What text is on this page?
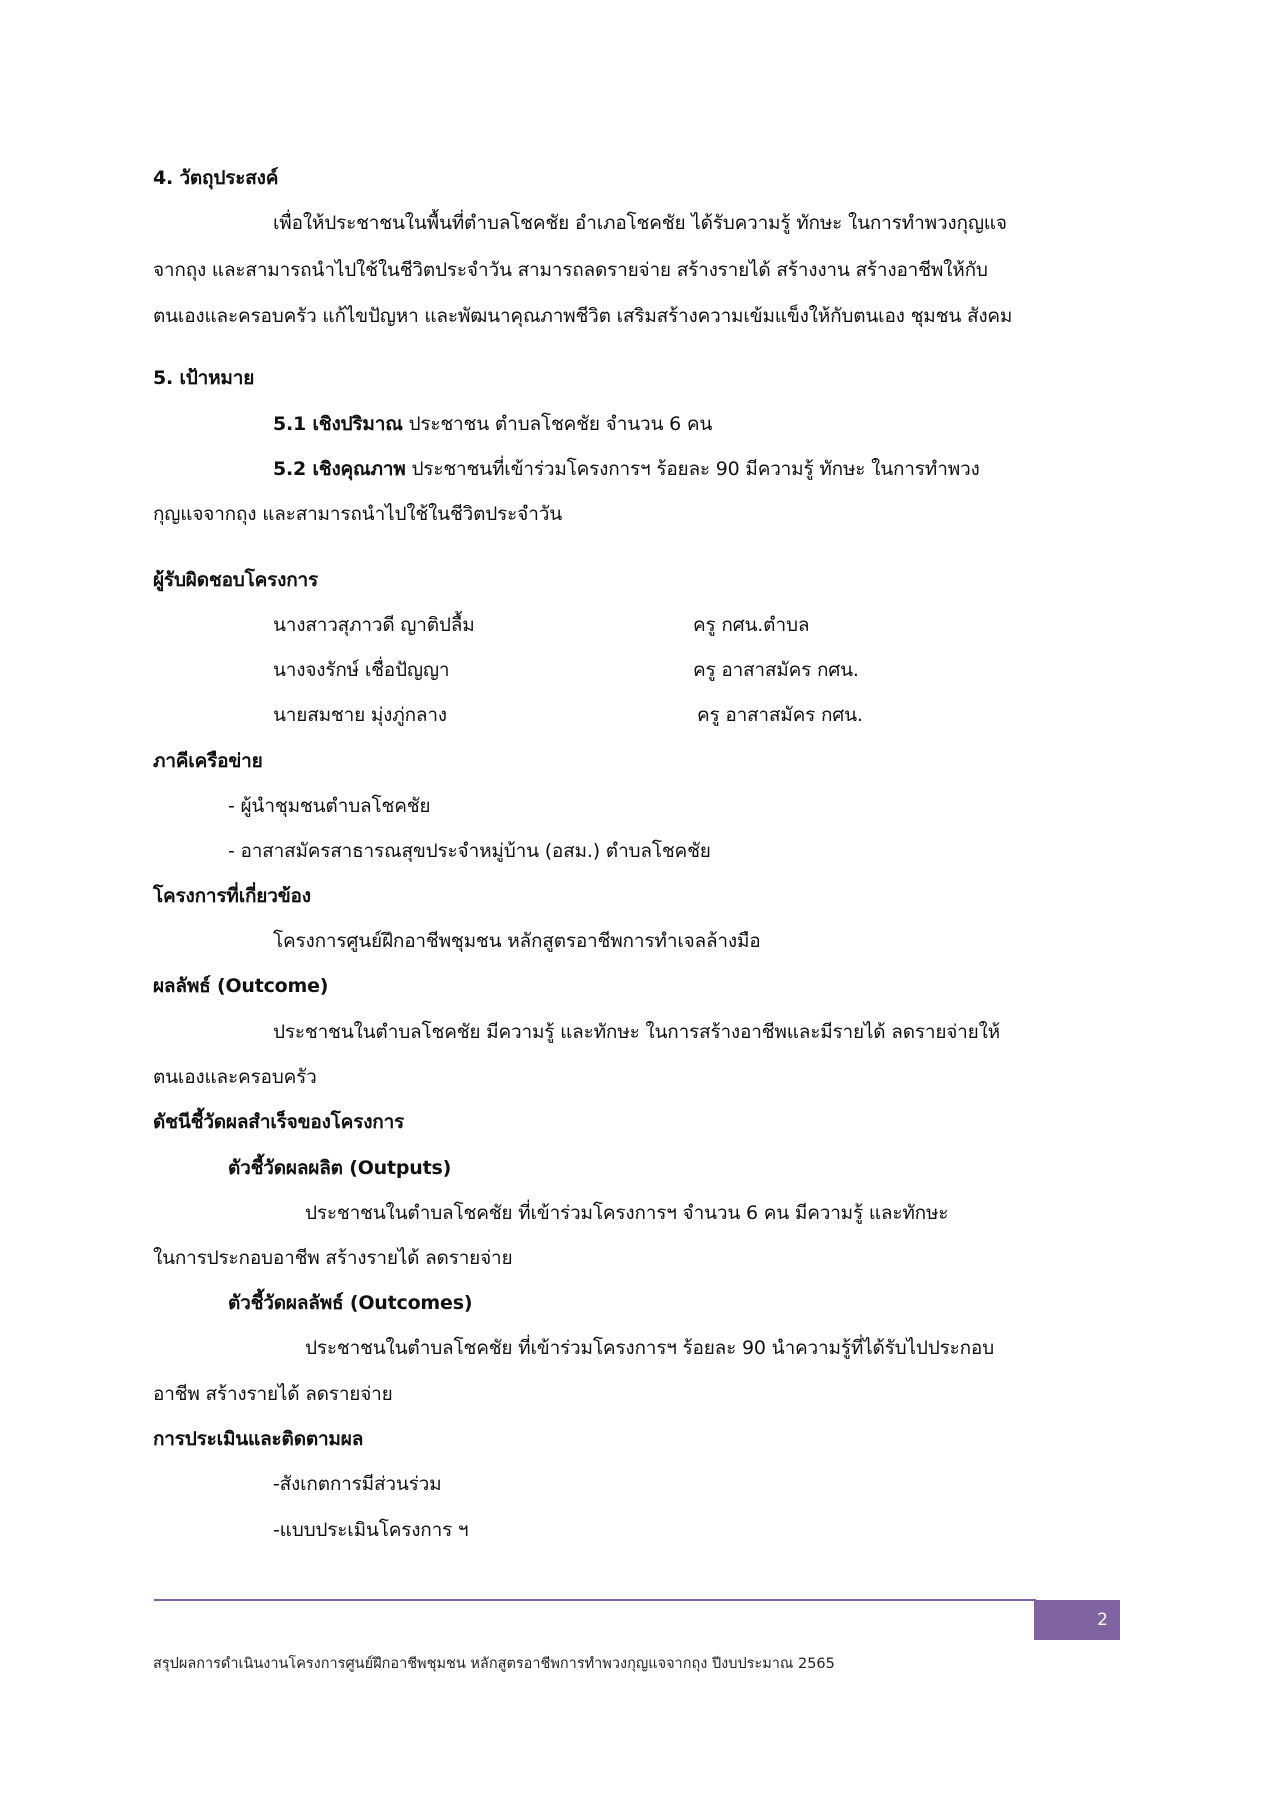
4. วัตถุประสงค์
เพื่อให้ประชาชนในพื้นที่ตำบลโชคชัย อำเภอโชคชัย ได้รับความรู้ ทักษะ ในการทำพวงกุญแจ
จากถุง และสามารถนำไปใช้ในชีวิตประจำวัน สามารถลดรายจ่าย สร้างรายได้ สร้างงาน สร้างอาชีพให้กับ
ตนเองและครอบครัว แก้ไขปัญหา และพัฒนาคุณภาพชีวิต เสริมสร้างความเข้มแข็งให้กับตนเอง ชุมชน สังคม
5. เป้าหมาย
5.1 เชิงปริมาณ ประชาชน ตำบลโชคชัย จำนวน 6 คน
5.2 เชิงคุณภาพ ประชาชนที่เข้าร่วมโครงการฯ ร้อยละ 90 มีความรู้ ทักษะ ในการทำพวง
กุญแจจากถุง และสามารถนำไปใช้ในชีวิตประจำวัน
ผู้รับผิดชอบโครงการ
นางสาวสุภาวดี ญาติปลื้ม	ครู กศน.ตำบล
นางจงรักษ์ เชื่อปัญญา	ครู อาสาสมัคร กศน.
นายสมชาย มุ่งภู่กลาง	ครู อาสาสมัคร กศน.
ภาคีเครือข่าย
- ผู้นำชุมชนตำบลโชคชัย
- อาสาสมัครสาธารณสุขประจำหมู่บ้าน (อสม.) ตำบลโชคชัย
โครงการที่เกี่ยวข้อง
โครงการศูนย์ฝึกอาชีพชุมชน หลักสูตรอาชีพการทำเจลล้างมือ
ผลลัพธ์ (Outcome)
ประชาชนในตำบลโชคชัย มีความรู้ และทักษะ ในการสร้างอาชีพและมีรายได้ ลดรายจ่ายให้
ตนเองและครอบครัว
ดัชนีชี้วัดผลสำเร็จของโครงการ
ตัวชี้วัดผลผลิต (Outputs)
ประชาชนในตำบลโชคชัย ที่เข้าร่วมโครงการฯ จำนวน 6 คน มีความรู้ และทักษะ
ในการประกอบอาชีพ สร้างรายได้ ลดรายจ่าย
ตัวชี้วัดผลลัพธ์ (Outcomes)
ประชาชนในตำบลโชคชัย ที่เข้าร่วมโครงการฯ ร้อยละ 90 นำความรู้ที่ได้รับไปประกอบ
อาชีพ สร้างรายได้ ลดรายจ่าย
การประเมินและติดตามผล
-สังเกตการมีส่วนร่วม
-แบบประเมินโครงการ ฯ
2
สรุปผลการดำเนินงานโครงการศูนย์ฝึกอาชีพชุมชน หลักสูตรอาชีพการทำพวงกุญแจจากถุง ปีงบประมาณ 2565
